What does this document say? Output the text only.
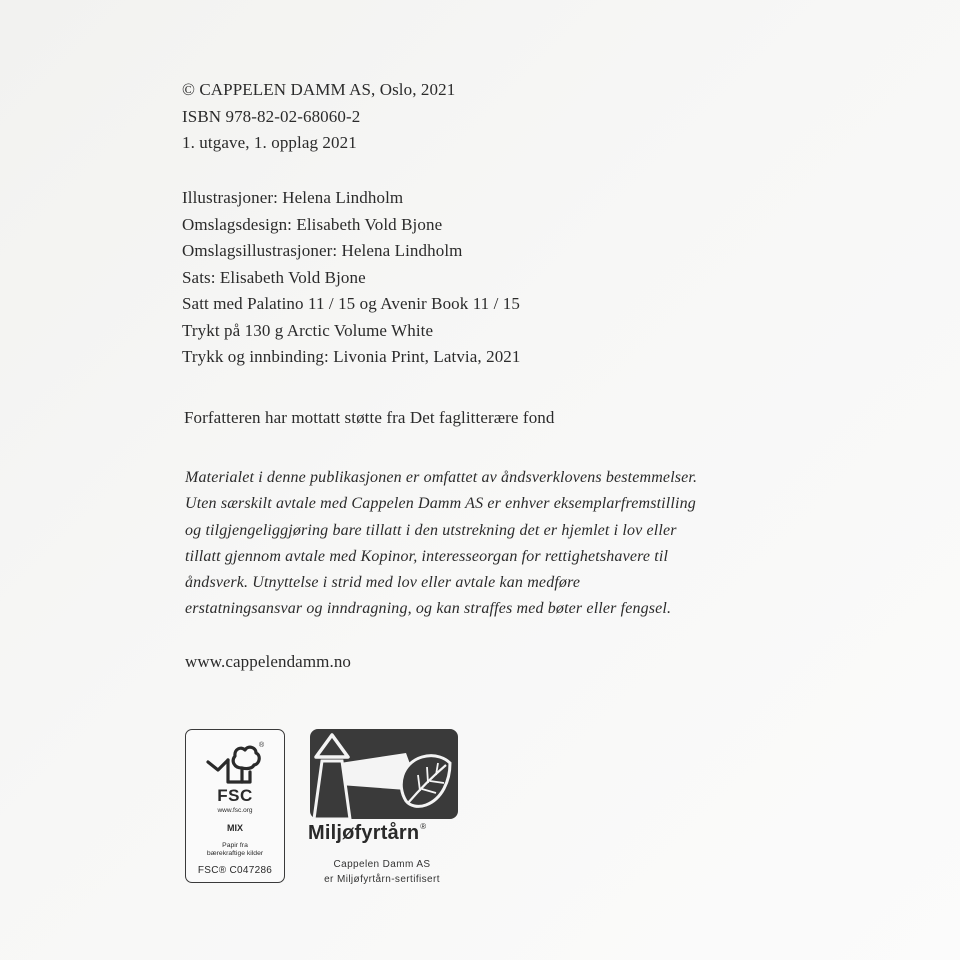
© CAPPELEN DAMM AS, Oslo, 2021
ISBN 978-82-02-68060-2
1. utgave, 1. opplag 2021
Illustrasjoner: Helena Lindholm
Omslagsdesign: Elisabeth Vold Bjone
Omslagsillustrasjoner: Helena Lindholm
Sats: Elisabeth Vold Bjone
Satt med Palatino 11 / 15 og Avenir Book 11 / 15
Trykt på 130 g Arctic Volume White
Trykk og innbinding: Livonia Print, Latvia, 2021
Forfatteren har mottatt støtte fra Det faglitterære fond
Materialet i denne publikasjonen er omfattet av åndsverklovens bestemmelser.
Uten særskilt avtale med Cappelen Damm AS er enhver eksemplarfremstilling
og tilgjengeliggjøring bare tillatt i den utstrekning det er hjemlet i lov eller
tillatt gjennom avtale med Kopinor, interesseorgan for rettighetshavere til
åndsverk. Utnyttelse i strid med lov eller avtale kan medføre
erstatningsansvar og inndragning, og kan straffes med bøter eller fengsel.
www.cappelendamm.no
®
FSC
www.fsc.org
MIX
Papir fra
bærekraftige kilder
FSC® C047286
Miljøfyrtårn®
Cappelen Damm AS
er Miljøfyrtårn-sertifisert
